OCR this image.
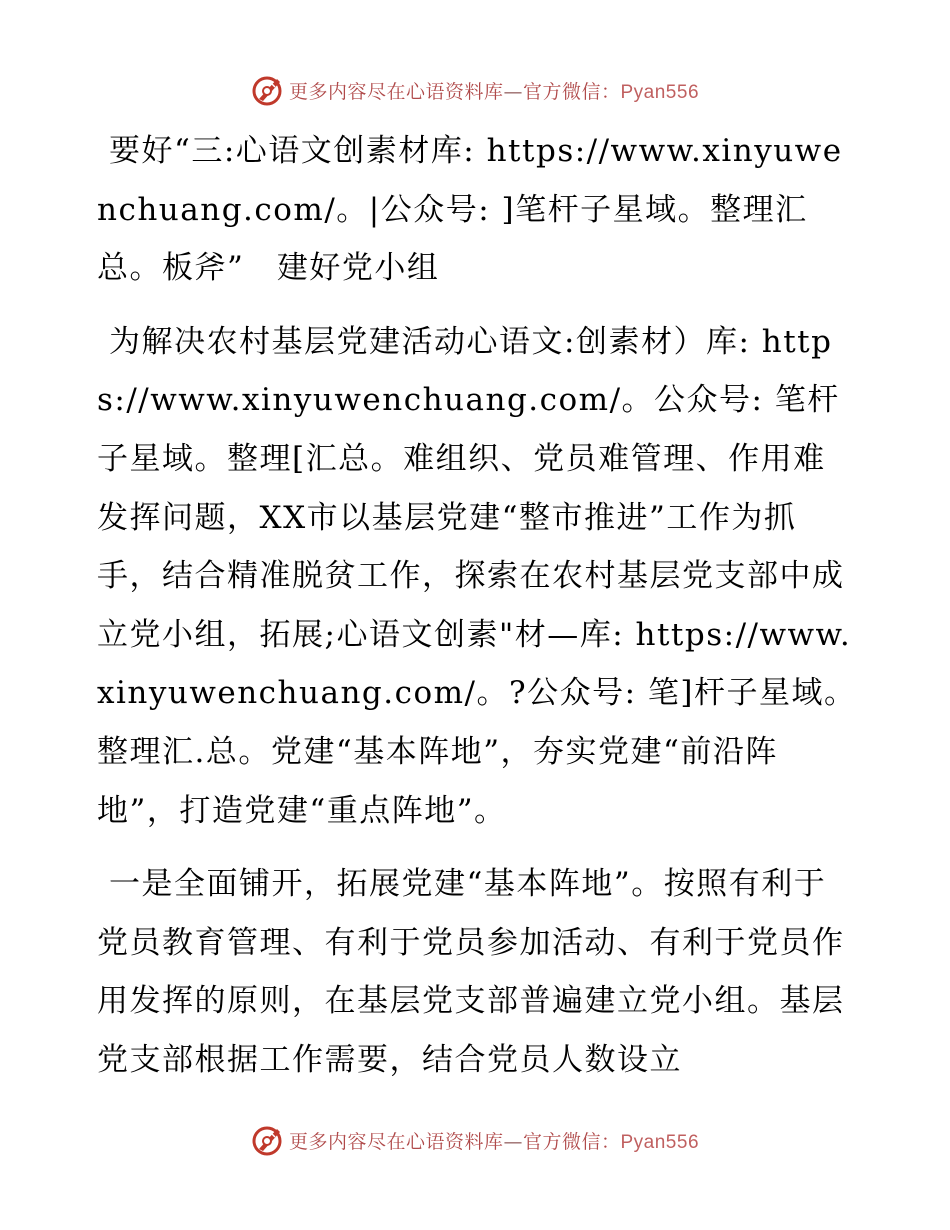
更多内容尽在心语资料库—官方微信：Pyan556

要好“三:心语文创素材库: https://www.xinyuwenchuang.com/。|公众号: ]笔杆子星域。整理汇总。板斧”　建好党小组

为解决农村基层党建活动心语文:创素材）库: https://www.xinyuwenchuang.com/。公众号: 笔杆子星域。整理[汇总。难组织、党员难管理、作用难发挥问题，XX市以基层党建“整市推进”工作为抓手，结合精准脱贫工作，探索在农村基层党支部中成立党小组，拓展;心语文创素"材—库: https://www.xinyuwenchuang.com/。?公众号: 笔]杆子星域。整理汇.总。党建“基本阵地”，夯实党建“前沿阵地”，打造党建“重点阵地”。

一是全面铺开，拓展党建“基本阵地”。按照有利于党员教育管理、有利于党员参加活动、有利于党员作用发挥的原则，在基层党支部普遍建立党小组。基层党支部根据工作需要，结合党员人数设立

更多内容尽在心语资料库—官方微信：Pyan556
